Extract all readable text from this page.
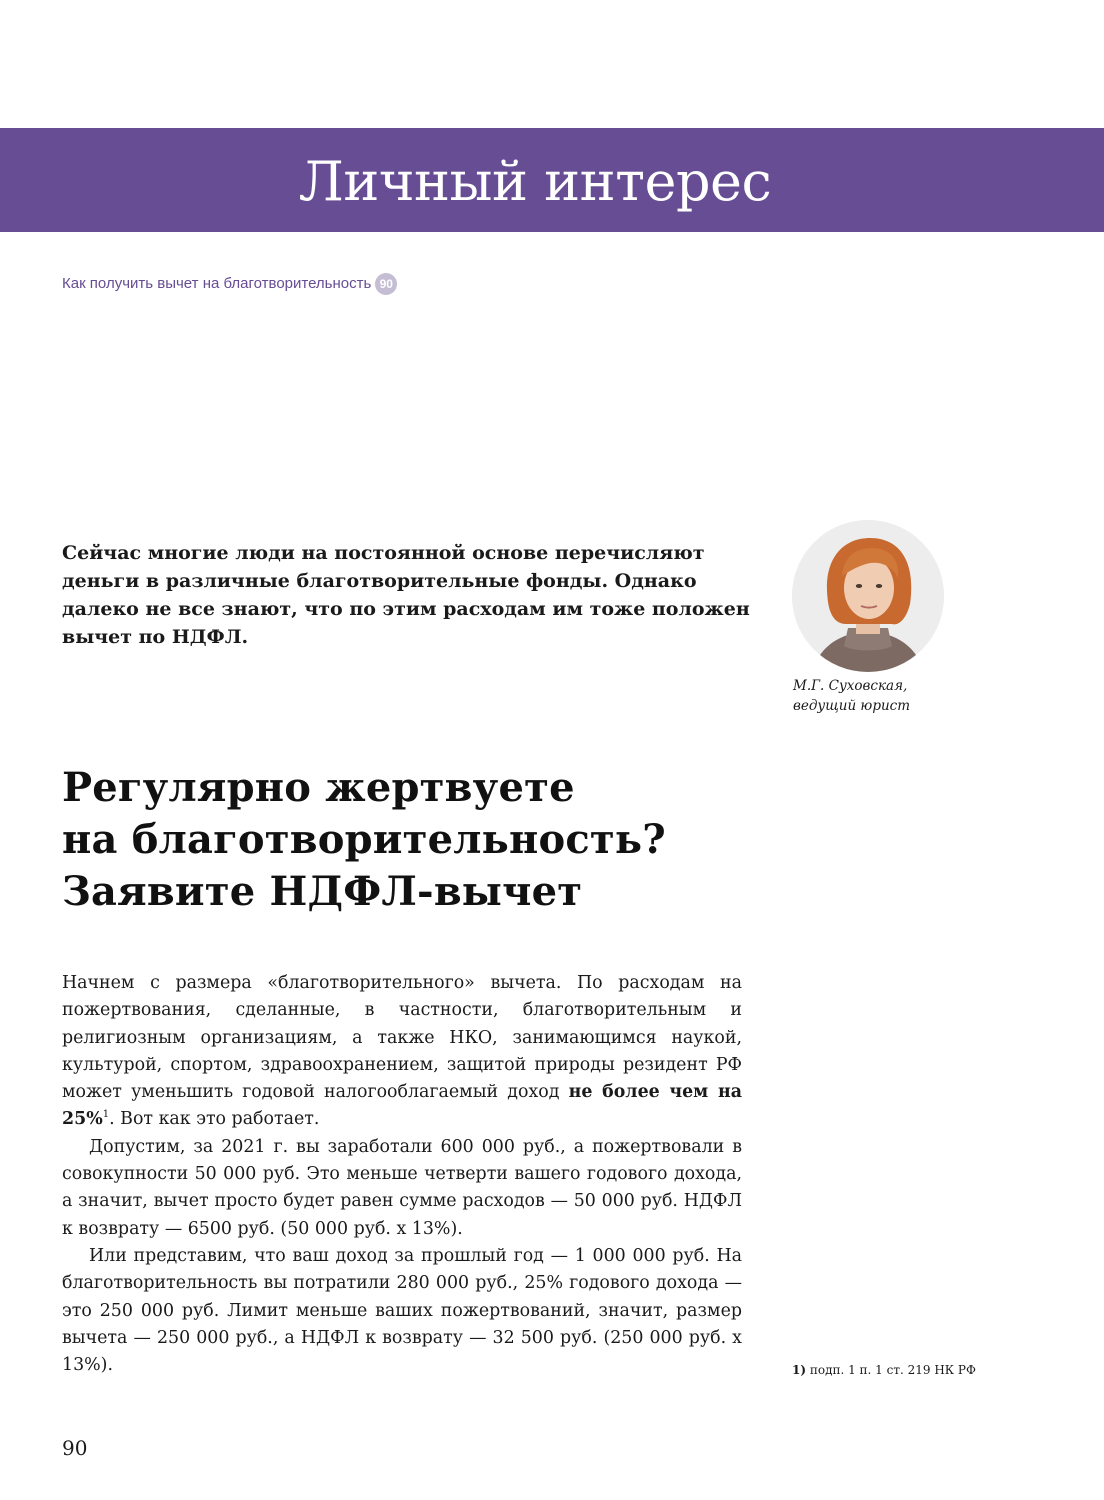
Личный интерес
Как получить вычет на благотворительность 90

Сейчас многие люди на постоянной основе перечисляют деньги в различные благотворительные фонды. Однако далеко не все знают, что по этим расходам им тоже положен вычет по НДФЛ.

М.Г. Суховская,
ведущий юрист
Регулярно жертвуете
на благотворительность?
Заявите НДФЛ-вычет

Начнем с размера «благотворительного» вычета. По расходам на пожертвования, сделанные, в частности, благотворительным и религиозным организациям, а также НКО, занимающимся наукой, культурой, спортом, здравоохранением, защитой природы резидент РФ может уменьшить годовой налогооблагаемый доход не более чем на 25%$^1$. Вот как это работает.

Допустим, за 2021 г. вы заработали 600 000 руб., а пожертвовали в совокупности 50 000 руб. Это меньше четверти вашего годового дохода, а значит, вычет просто будет равен сумме расходов — 50 000 руб. НДФЛ к возврату — 6500 руб. (50 000 руб. х 13%).

Или представим, что ваш доход за прошлый год — 1 000 000 руб. На благотворительность вы потратили 280 000 руб., 25% годового дохода — это 250 000 руб. Лимит меньше ваших пожертвований, значит, размер вычета — 250 000 руб., а НДФЛ к возврату — 32 500 руб. (250 000 руб. х 13%).	1) подп. 1 п. 1 ст. 219 НК РФ
90
